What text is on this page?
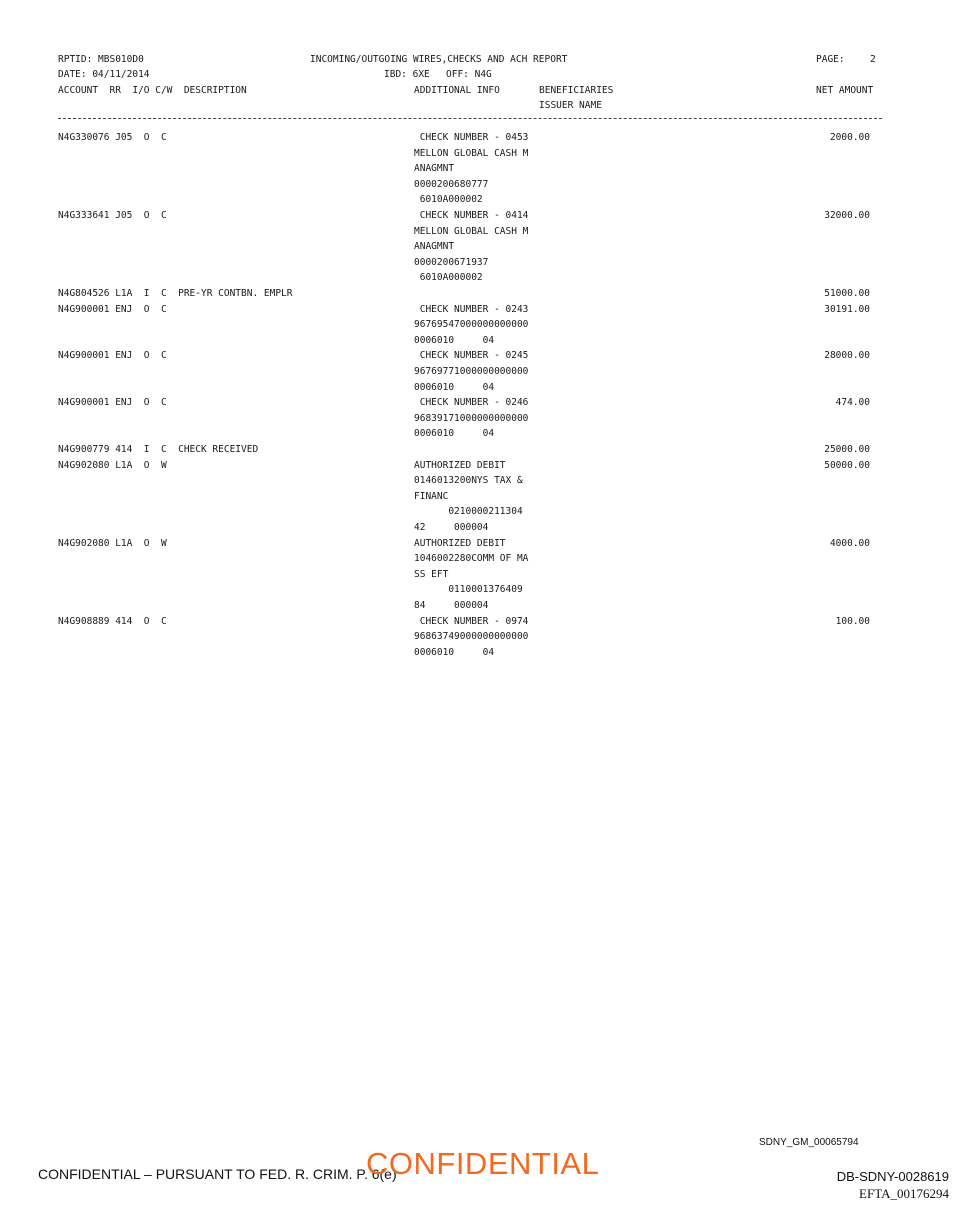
RPTID: MBS010D0	INCOMING/OUTGOING WIRES,CHECKS AND ACH REPORT	PAGE:	2
DATE: 04/11/2014	IBD: 6XE OFF: N4G
ACCOUNT  RR  I/O C/W  DESCRIPTION	ADDITIONAL INFO	BENEFICIARIES	NET AMOUNT
ISSUER NAME
N4G330076 J05  O  C	CHECK NUMBER - 0453	2000.00
MELLON GLOBAL CASH M
ANAGMNT
0000200680777
6010A000002
N4G333641 J05  O  C	CHECK NUMBER - 0414	32000.00
MELLON GLOBAL CASH M
ANAGMNT
0000200671937
6010A000002
N4G804526 L1A  I  C  PRE-YR CONTBN. EMPLR	51000.00
N4G900001 ENJ  O  C	CHECK NUMBER - 0243	30191.00
96769547000000000000
0006010     04
N4G900001 ENJ  O  C	CHECK NUMBER - 0245	28000.00
96769771000000000000
0006010     04
N4G900001 ENJ  O  C	CHECK NUMBER - 0246	474.00
96839171000000000000
0006010     04
N4G900779 414  I  C  CHECK RECEIVED	25000.00
N4G902080 L1A  O  W	AUTHORIZED DEBIT	50000.00
0146013200NYS TAX &
FINANC
0210000211304
42     000004
N4G902080 L1A  O  W	AUTHORIZED DEBIT	4000.00
1046002280COMM OF MA
SS EFT
0110001376409
84     000004
N4G908889 414  O  C	CHECK NUMBER - 0974	100.00
96863749000000000000
0006010     04
CONFIDENTIAL – PURSUANT TO FED. R. CRIM. P. 6(e)
CONFIDENTIAL
SDNY_GM_00065794
DB-SDNY-0028619
EFTA_00176294
